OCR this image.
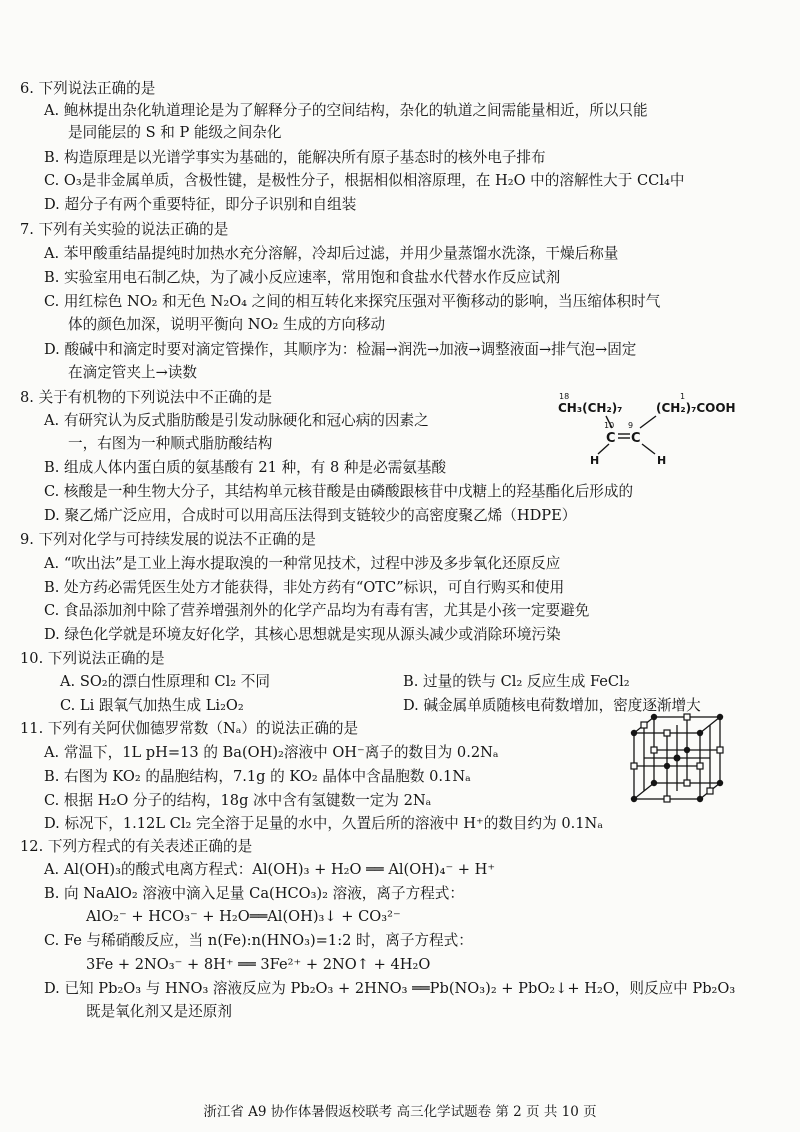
6. 下列说法正确的是
A. 鲍林提出杂化轨道理论是为了解释分子的空间结构，杂化的轨道之间需能量相近，所以只能
是同能层的 S 和 P 能级之间杂化
B. 构造原理是以光谱学事实为基础的，能解决所有原子基态时的核外电子排布
C. O₃是非金属单质，含极性键，是极性分子，根据相似相溶原理，在 H₂O 中的溶解性大于 CCl₄中
D. 超分子有两个重要特征，即分子识别和自组装
7. 下列有关实验的说法正确的是
A. 苯甲酸重结晶提纯时加热水充分溶解，冷却后过滤，并用少量蒸馏水洗涤，干燥后称量
B. 实验室用电石制乙炔，为了减小反应速率，常用饱和食盐水代替水作反应试剂
C. 用红棕色 NO₂ 和无色 N₂O₄ 之间的相互转化来探究压强对平衡移动的影响，当压缩体积时气
体的颜色加深，说明平衡向 NO₂ 生成的方向移动
D. 酸碱中和滴定时要对滴定管操作，其顺序为：检漏→润洗→加液→调整液面→排气泡→固定
在滴定管夹上→读数
8. 关于有机物的下列说法中不正确的是
A. 有研究认为反式脂肪酸是引发动脉硬化和冠心病的因素之
一，右图为一种顺式脂肪酸结构
B. 组成人体内蛋白质的氨基酸有 21 种，有 8 种是必需氨基酸
C. 核酸是一种生物大分子，其结构单元核苷酸是由磷酸跟核苷中戊糖上的羟基酯化后形成的
D. 聚乙烯广泛应用，合成时可以用高压法得到支链较少的高密度聚乙烯（HDPE）
18
CH₃(CH₂)₇
10 9
C C
(CH₂)₇COOH
1
H	H
9. 下列对化学与可持续发展的说法不正确的是
A. “吹出法”是工业上海水提取溴的一种常见技术，过程中涉及多步氧化还原反应
B. 处方药必需凭医生处方才能获得，非处方药有“OTC”标识，可自行购买和使用
C. 食品添加剂中除了营养增强剂外的化学产品均为有毒有害，尤其是小孩一定要避免
D. 绿色化学就是环境友好化学，其核心思想就是实现从源头减少或消除环境污染
10. 下列说法正确的是
A. SO₂的漂白性原理和 Cl₂ 不同	B. 过量的铁与 Cl₂ 反应生成 FeCl₂
C. Li 跟氧气加热生成 Li₂O₂	D. 碱金属单质随核电荷数增加，密度逐渐增大
11. 下列有关阿伏伽德罗常数（Nₐ）的说法正确的是
A. 常温下，1L pH=13 的 Ba(OH)₂溶液中 OH⁻离子的数目为 0.2Nₐ
B. 右图为 KO₂ 的晶胞结构，7.1g 的 KO₂ 晶体中含晶胞数 0.1Nₐ
C. 根据 H₂O 分子的结构，18g 冰中含有氢键数一定为 2Nₐ
D. 标况下，1.12L Cl₂ 完全溶于足量的水中，久置后所的溶液中 H⁺的数目约为 0.1Nₐ
12. 下列方程式的有关表述正确的是
A. Al(OH)₃的酸式电离方程式：Al(OH)₃ + H₂O ══ Al(OH)₄⁻ + H⁺
B. 向 NaAlO₂ 溶液中滴入足量 Ca(HCO₃)₂ 溶液，离子方程式：
AlO₂⁻ + HCO₃⁻ + H₂O══Al(OH)₃↓ + CO₃²⁻
C. Fe 与稀硝酸反应，当 n(Fe):n(HNO₃)=1:2 时，离子方程式：
3Fe + 2NO₃⁻ + 8H⁺ ══ 3Fe²⁺ + 2NO↑ + 4H₂O
D. 已知 Pb₂O₃ 与 HNO₃ 溶液反应为 Pb₂O₃ + 2HNO₃ ══Pb(NO₃)₂ + PbO₂↓+ H₂O，则反应中 Pb₂O₃
既是氧化剂又是还原剂
浙江省 A9 协作体暑假返校联考 高三化学试题卷 第 2 页 共 10 页
